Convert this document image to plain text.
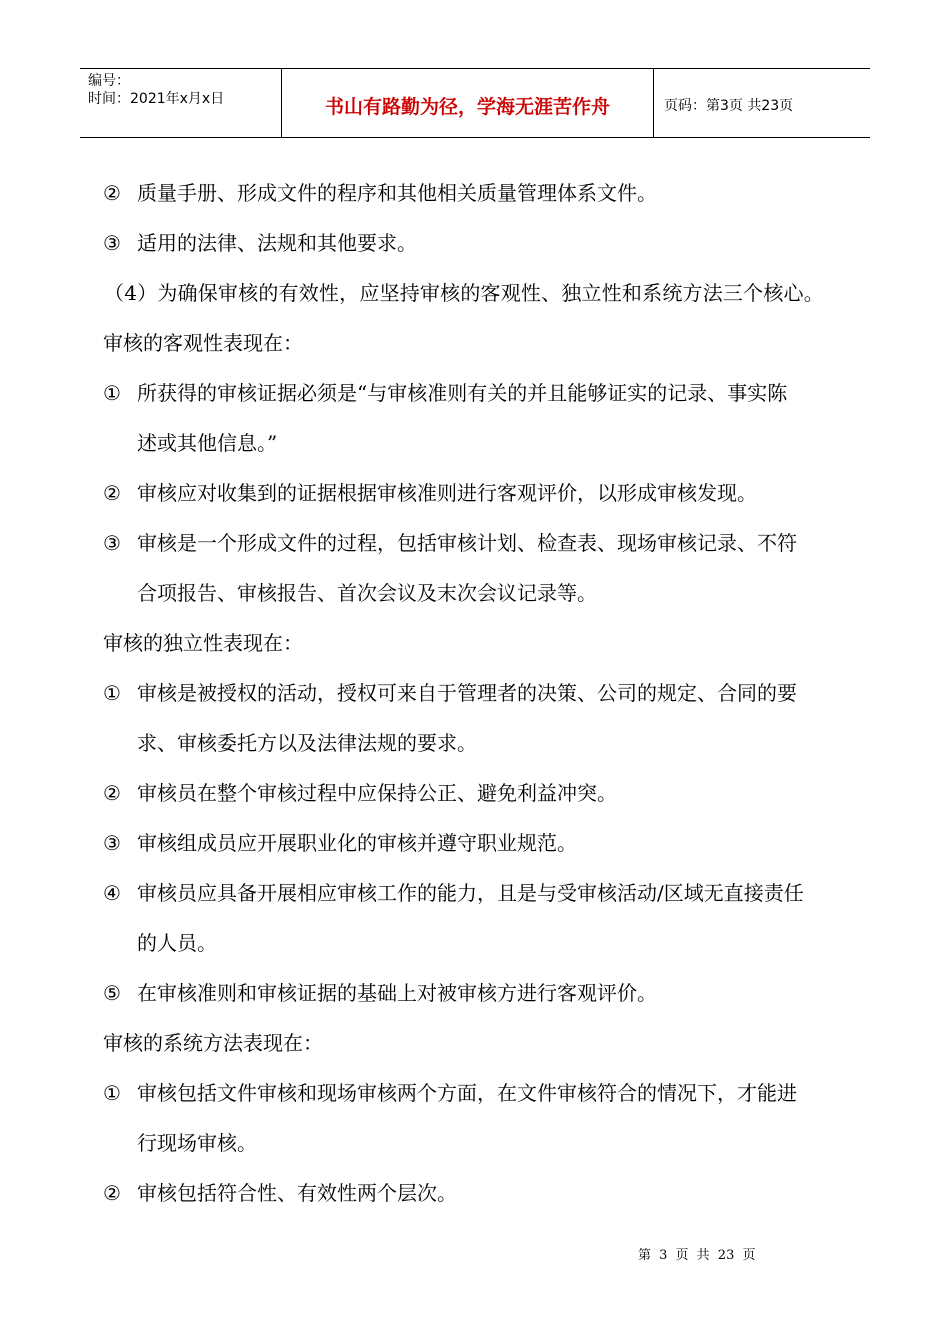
编号：
时间：2021年x月x日	书山有路勤为径，学海无涯苦作舟	页码：第3页 共23页
② 质量手册、形成文件的程序和其他相关质量管理体系文件。
③ 适用的法律、法规和其他要求。
（4）为确保审核的有效性，应坚持审核的客观性、独立性和系统方法三个核心。
审核的客观性表现在：
① 所获得的审核证据必须是“与审核准则有关的并且能够证实的记录、事实陈
述或其他信息。”
② 审核应对收集到的证据根据审核准则进行客观评价，以形成审核发现。
③ 审核是一个形成文件的过程，包括审核计划、检查表、现场审核记录、不符
合项报告、审核报告、首次会议及末次会议记录等。
审核的独立性表现在：
① 审核是被授权的活动，授权可来自于管理者的决策、公司的规定、合同的要
求、审核委托方以及法律法规的要求。
② 审核员在整个审核过程中应保持公正、避免利益冲突。
③ 审核组成员应开展职业化的审核并遵守职业规范。
④ 审核员应具备开展相应审核工作的能力，且是与受审核活动/区域无直接责任
的人员。
⑤ 在审核准则和审核证据的基础上对被审核方进行客观评价。
审核的系统方法表现在：
① 审核包括文件审核和现场审核两个方面，在文件审核符合的情况下，才能进
行现场审核。
② 审核包括符合性、有效性两个层次。
第 3 页 共 23 页
